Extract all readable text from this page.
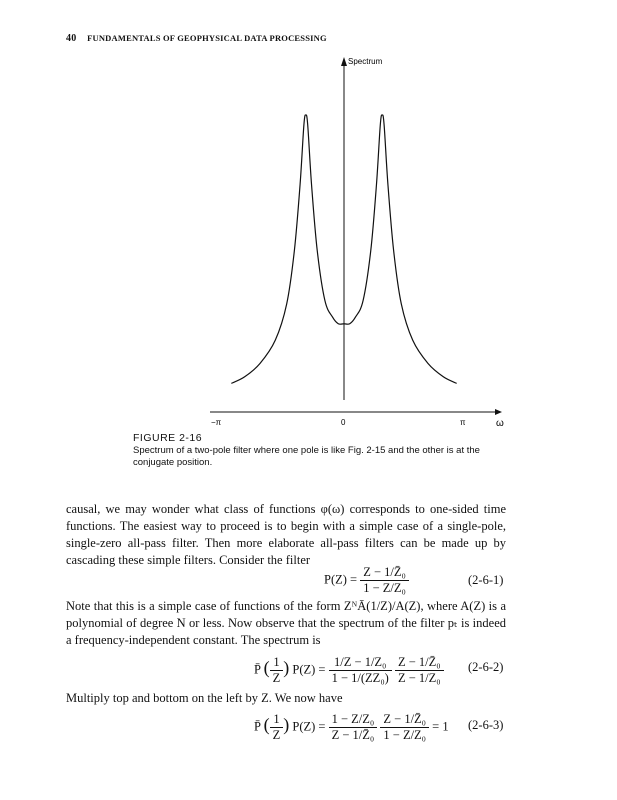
40 FUNDAMENTALS OF GEOPHYSICAL DATA PROCESSING
Spectrum
−π	0	π	ω
FIGURE 2-16
Spectrum of a two-pole filter where one pole is like Fig. 2-15 and the other is at the conjugate position.
causal, we may wonder what class of functions φ(ω) corresponds to one-sided time functions. The easiest way to proceed is to begin with a simple case of a single-pole, single-zero all-pass filter. Then more elaborate all-pass filters can be made up by cascading these simple filters. Consider the filter
$P(Z) = \frac{\text{Z − 1/Z̄₀}}{\text{1 − Z/Z₀}}$	(2-6-1)
Note that this is a simple case of functions of the form ZᴺĀ(1/Z)/A(Z), where A(Z) is a polynomial of degree N or less. Now observe that the spectrum of the filter pₜ is indeed a frequency-independent constant. The spectrum is
P̄ ( $\frac{1}{Z}$ ) $P(Z) = \frac{\text{1/Z − 1/Z₀}}{\text{1 − 1/(ZZ₀)}}$
$\frac{\text{Z − 1/Z̄₀}}{\text{Z − 1/Z₀}} (2-6-2)$
Multiply top and bottom on the left by Z. We now have
P̄ ( $\frac{1}{Z}$ ) $P(Z) = \frac{\text{1 − Z/Z₀}}{\text{Z − 1/Z̄₀}}$
$\frac{\text{Z − 1/Z̄₀}}{\text{1 − Z/Z₀}} = 1$ (2-6-3)
